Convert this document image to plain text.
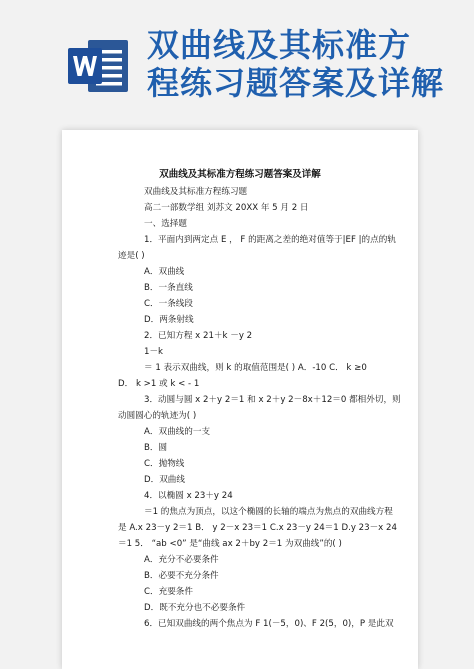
双曲线及其标准方
程练习题答案及详解
双曲线及其标准方程练习题答案及详解
双曲线及其标准方程练习题
高二一部数学组 刘苏文 20XX 年 5 月 2 日
一、选择题
1．平面内到两定点 E ， F 的距离之差的绝对值等于|EF |的点的轨
迹是( )
A．双曲线
B．一条直线
C．一条线段
D．两条射线
2．已知方程 x 21＋k －y 2
1－k
＝ 1 表示双曲线，则 k 的取值范围是( ) A．-10 C． k ≥0
D． k >1 或 k < - 1
3．动圆与圆 x 2＋y 2＝1 和 x 2＋y 2－8x＋12＝0 都相外切，则
动圆圆心的轨迹为( )
A．双曲线的一支
B．圆
C．抛物线
D．双曲线
4．以椭圆 x 23＋y 24
＝1 的焦点为顶点，以这个椭圆的长轴的端点为焦点的双曲线方程
是 A.x 23－y 2＝1 B． y 2－x 23＝1 C.x 23－y 24＝1 D.y 23－x 24
＝1 5． “ab <0” 是“曲线 ax 2＋by 2＝1 为双曲线”的( )
A．充分不必要条件
B．必要不充分条件
C．充要条件
D．既不充分也不必要条件
6．已知双曲线的两个焦点为 F 1(－5，0)、F 2(5，0)，P 是此双
